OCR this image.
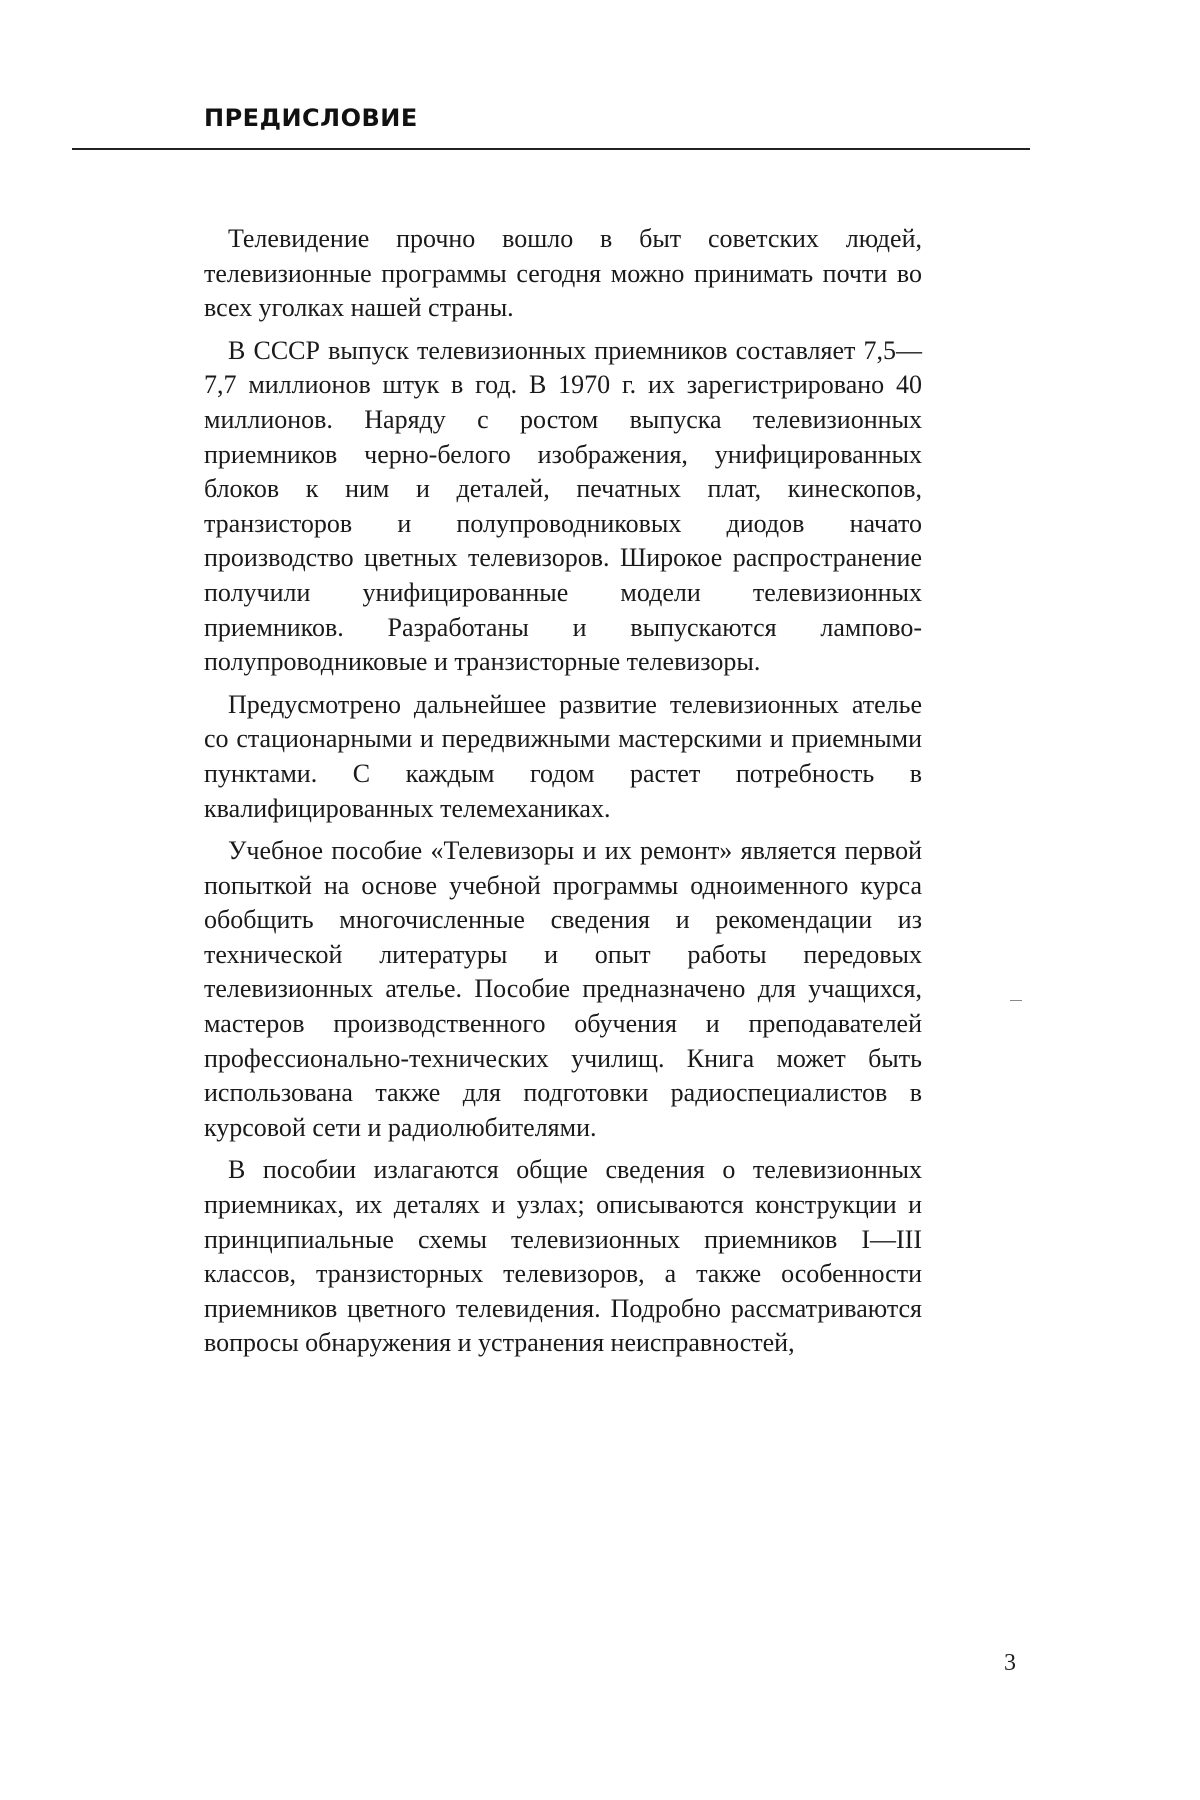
ПРЕДИСЛОВИЕ

Телевидение прочно вошло в быт советских людей, телевизионные программы сегодня можно принимать почти во всех уголках нашей страны.

В СССР выпуск телевизионных приемников составляет 7,5—7,7 миллионов штук в год. В 1970 г. их зарегистрировано 40 миллионов. Наряду с ростом выпуска телевизионных приемников черно-белого изображения, унифицированных блоков к ним и деталей, печатных плат, кинескопов, транзисторов и полупроводниковых диодов начато производство цветных телевизоров. Широкое распространение получили унифицированные модели телевизионных приемников. Разработаны и выпускаются лампово-полупроводниковые и транзисторные телевизоры.

Предусмотрено дальнейшее развитие телевизионных ателье со стационарными и передвижными мастерскими и приемными пунктами. С каждым годом растет потребность в квалифицированных телемеханиках.

Учебное пособие «Телевизоры и их ремонт» является первой попыткой на основе учебной программы одноименного курса обобщить многочисленные сведения и рекомендации из технической литературы и опыт работы передовых телевизионных ателье. Пособие предназначено для учащихся, мастеров производственного обучения и преподавателей профессионально-технических училищ. Книга может быть использована также для подготовки радиоспециалистов в курсовой сети и радиолюбителями.

В пособии излагаются общие сведения о телевизионных приемниках, их деталях и узлах; описываются конструкции и принципиальные схемы телевизионных приемников I—III классов, транзисторных телевизоров, а также особенности приемников цветного телевидения. Подробно рассматриваются вопросы обнаружения и устранения неисправностей,

3
